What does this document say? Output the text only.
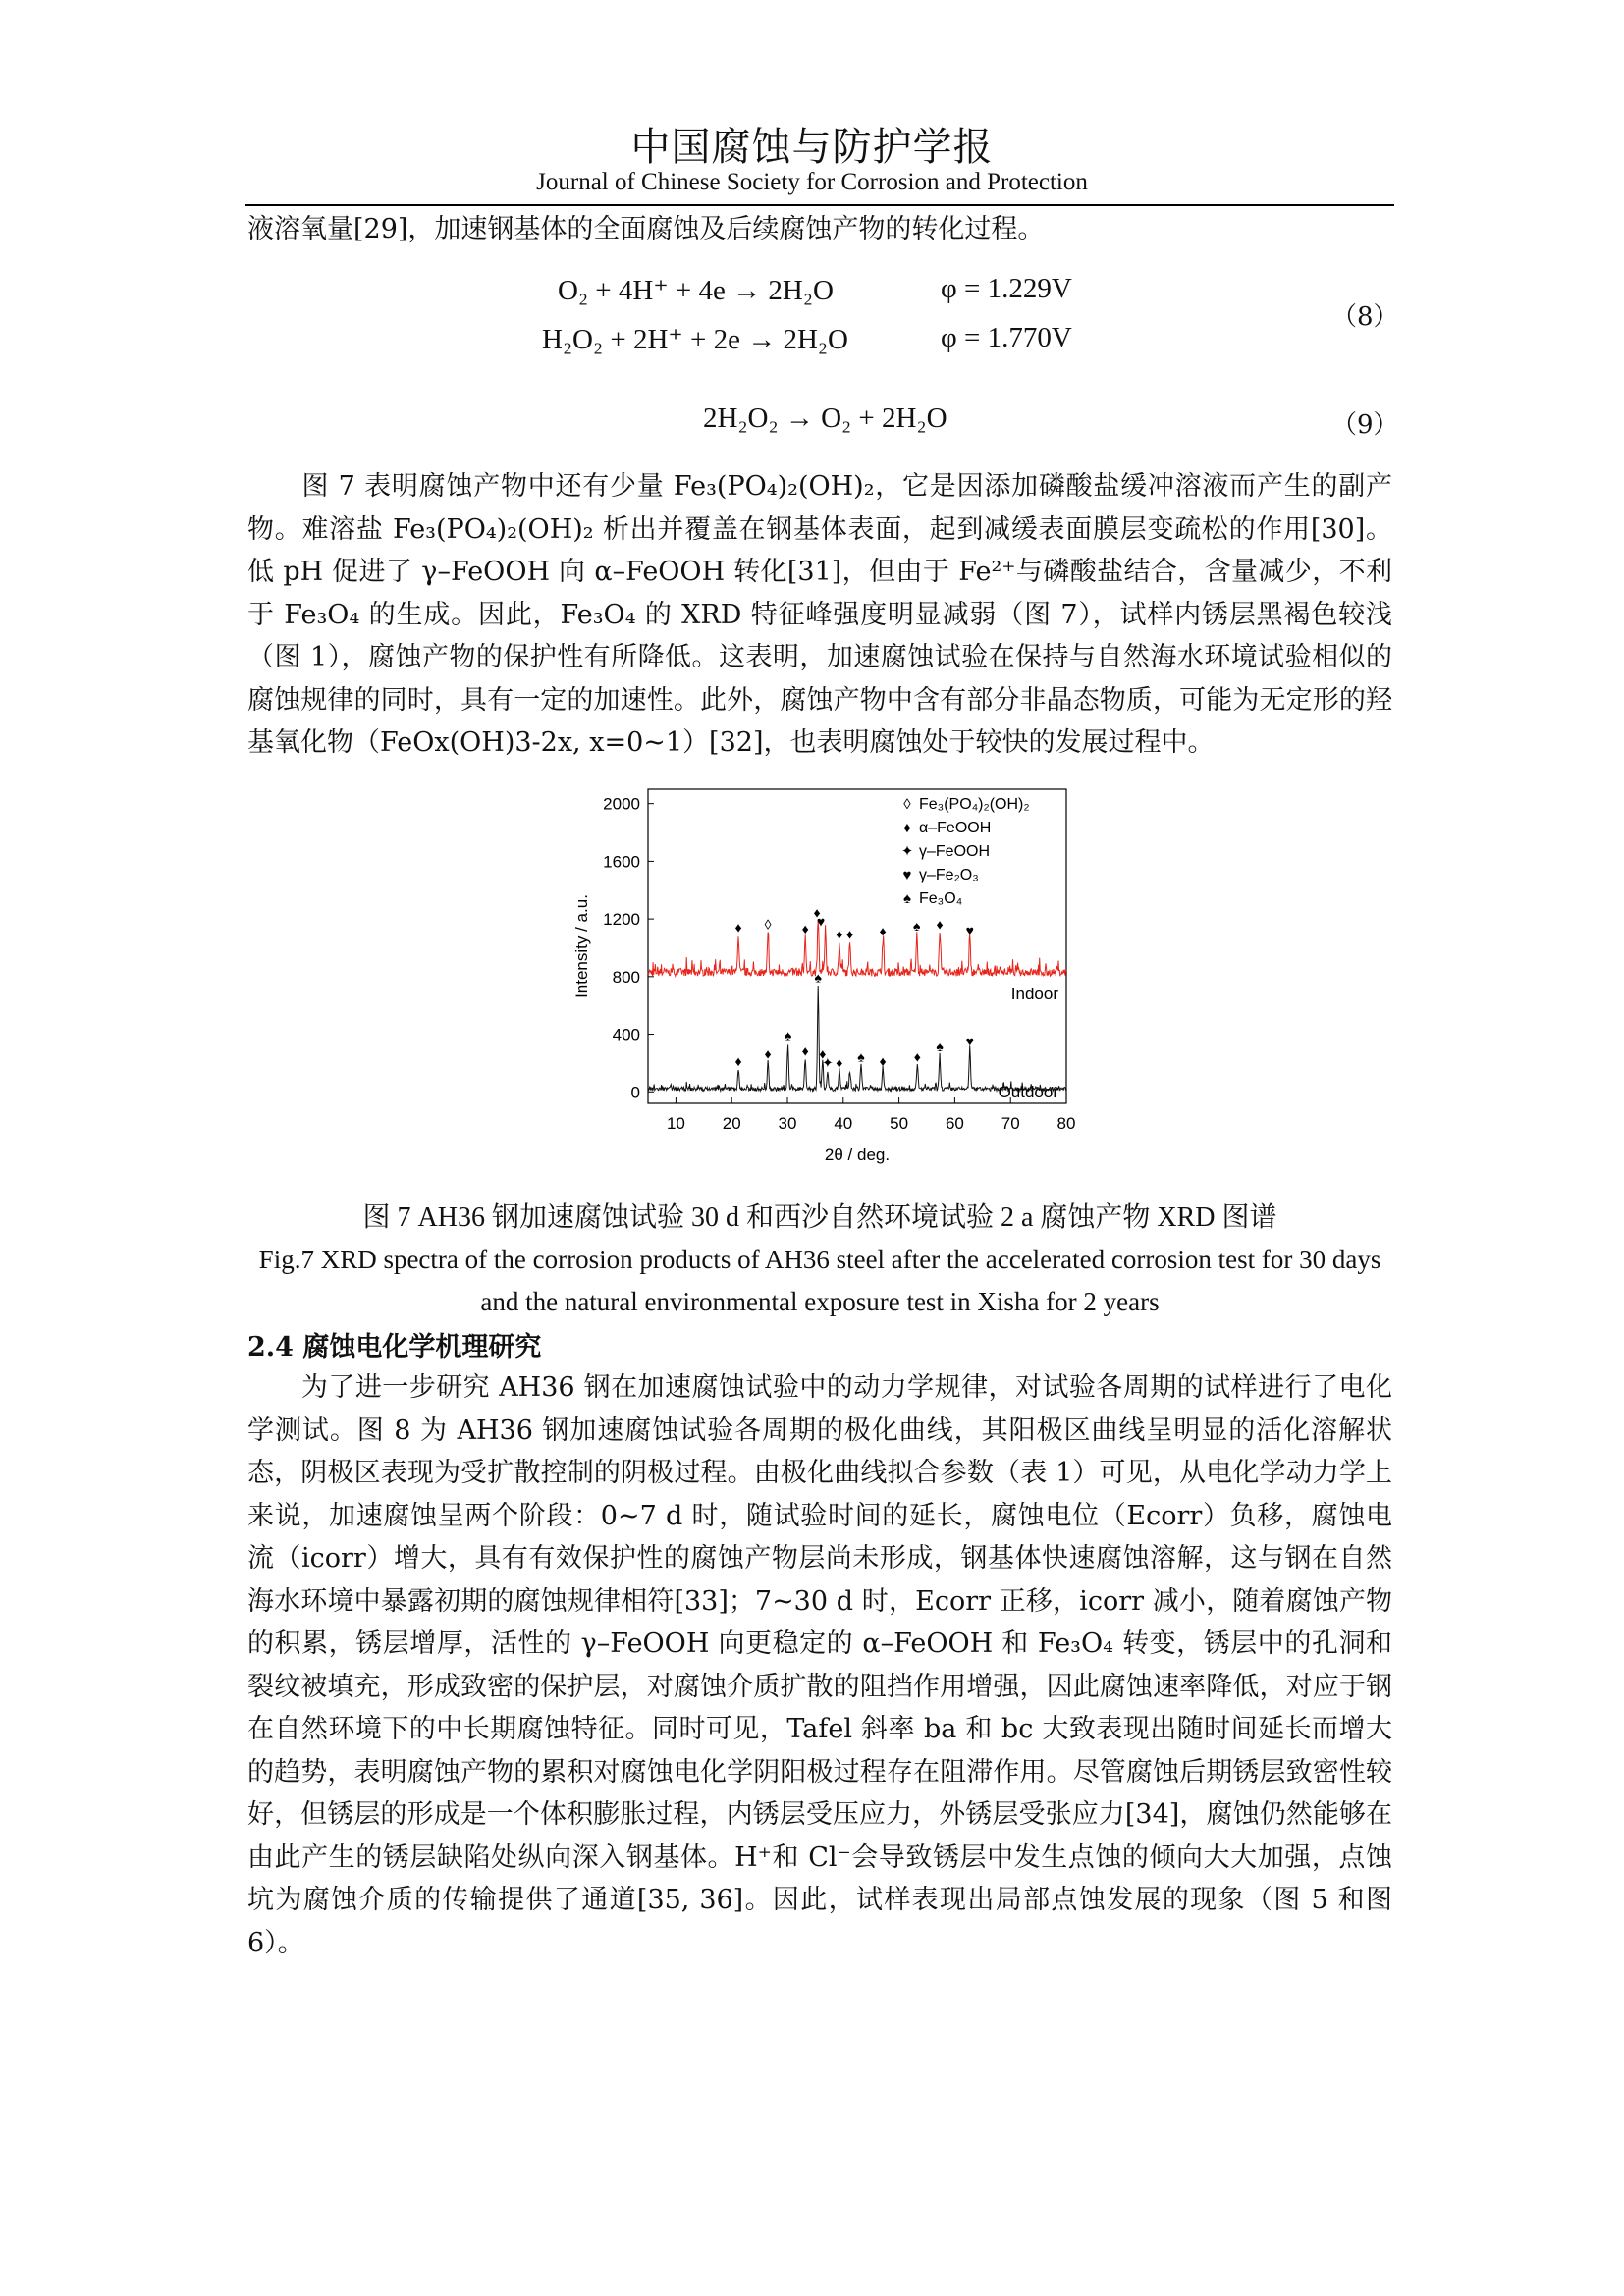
中国腐蚀与防护学报
Journal of Chinese Society for Corrosion and Protection
液溶氧量[29]，加速钢基体的全面腐蚀及后续腐蚀产物的转化过程。
O₂ + 4H⁺ + 4e → 2H₂O	φ = 1.229V
H₂O₂ + 2H⁺ + 2e → 2H₂O	φ = 1.770V
（8）
2H₂O₂ → O₂ + 2H₂O	（9）
　　图 7 表明腐蚀产物中还有少量 Fe₃(PO₄)₂(OH)₂，它是因添加磷酸盐缓冲溶液而产生的副产物。难溶盐 Fe₃(PO₄)₂(OH)₂ 析出并覆盖在钢基体表面，起到减缓表面膜层变疏松的作用[30]。低 pH 促进了 γ–FeOOH 向 α–FeOOH 转化[31]，但由于 Fe²⁺与磷酸盐结合，含量减少，不利于 Fe₃O₄ 的生成。因此，Fe₃O₄ 的 XRD 特征峰强度明显减弱（图 7），试样内锈层黑褐色较浅（图 1），腐蚀产物的保护性有所降低。这表明，加速腐蚀试验在保持与自然海水环境试验相似的腐蚀规律的同时，具有一定的加速性。此外，腐蚀产物中含有部分非晶态物质，可能为无定形的羟基氧化物（FeOx(OH)3-2x, x=0~1）[32]，也表明腐蚀处于较快的发展过程中。
♦ ◊ ♦
♦
♥
♦ ♦ ♦ ♠ ♦ ♥
♦ ♦
♠
♦
♠
♦
✦ ♦ ♠ ♦ ♦
♠ ♥
Indoor
Outdoor
10 20 30 40 50 60 70 80
0
400
800
1200
1600
2000
2θ / deg.
Intensity / a.u.
◊ Fe₃(PO₄)₂(OH)₂
♦ α–FeOOH
✦ γ–FeOOH
♥ γ–Fe₂O₃
♠ Fe₃O₄
图 7 AH36 钢加速腐蚀试验 30 d 和西沙自然环境试验 2 a 腐蚀产物 XRD 图谱
Fig.7 XRD spectra of the corrosion products of AH36 steel after the accelerated corrosion test for 30 days and the natural environmental exposure test in Xisha for 2 years
2.4 腐蚀电化学机理研究
　　为了进一步研究 AH36 钢在加速腐蚀试验中的动力学规律，对试验各周期的试样进行了电化学测试。图 8 为 AH36 钢加速腐蚀试验各周期的极化曲线，其阳极区曲线呈明显的活化溶解状态，阴极区表现为受扩散控制的阴极过程。由极化曲线拟合参数（表 1）可见，从电化学动力学上来说，加速腐蚀呈两个阶段：0~7 d 时，随试验时间的延长，腐蚀电位（Ecorr）负移，腐蚀电流（icorr）增大，具有有效保护性的腐蚀产物层尚未形成，钢基体快速腐蚀溶解，这与钢在自然海水环境中暴露初期的腐蚀规律相符[33]；7~30 d 时，Ecorr 正移，icorr 减小，随着腐蚀产物的积累，锈层增厚，活性的 γ–FeOOH 向更稳定的 α–FeOOH 和 Fe₃O₄ 转变，锈层中的孔洞和裂纹被填充，形成致密的保护层，对腐蚀介质扩散的阻挡作用增强，因此腐蚀速率降低，对应于钢在自然环境下的中长期腐蚀特征。同时可见，Tafel 斜率 ba 和 bc 大致表现出随时间延长而增大的趋势，表明腐蚀产物的累积对腐蚀电化学阴阳极过程存在阻滞作用。尽管腐蚀后期锈层致密性较好，但锈层的形成是一个体积膨胀过程，内锈层受压应力，外锈层受张应力[34]，腐蚀仍然能够在由此产生的锈层缺陷处纵向深入钢基体。H⁺和 Cl⁻会导致锈层中发生点蚀的倾向大大加强，点蚀坑为腐蚀介质的传输提供了通道[35, 36]。因此，试样表现出局部点蚀发展的现象（图 5 和图 6）。
